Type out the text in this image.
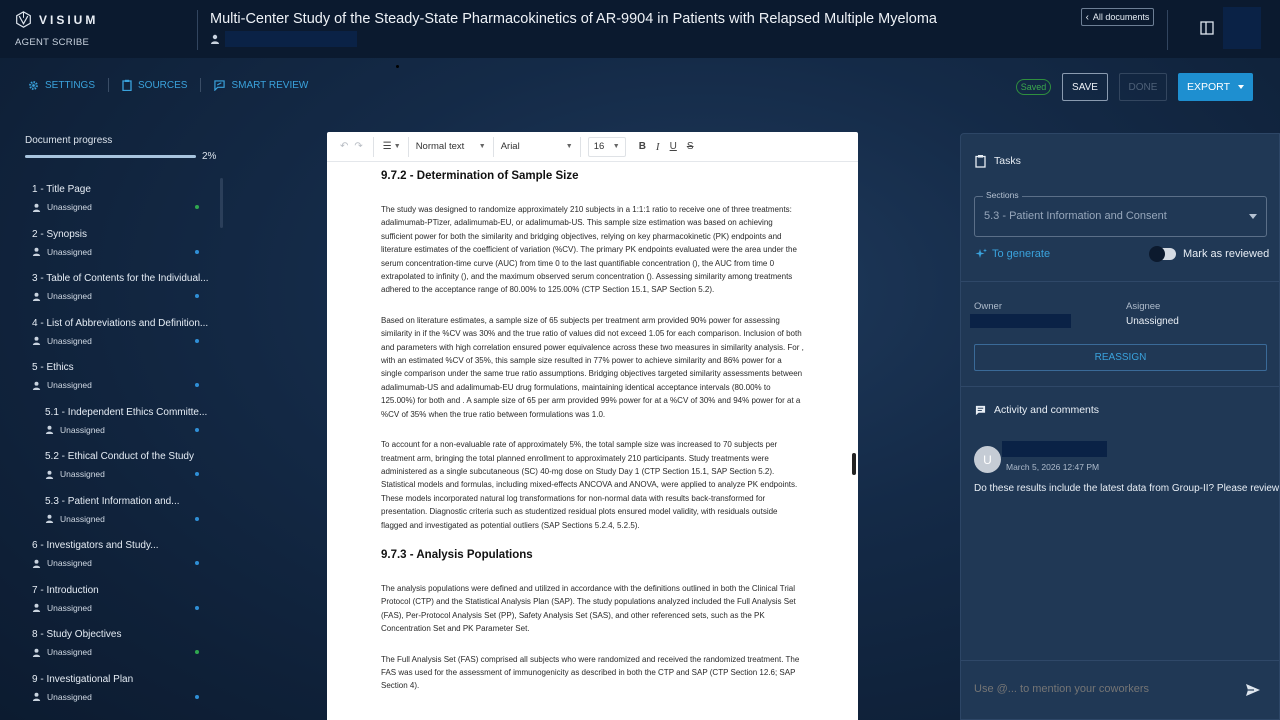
VISIUM
AGENT SCRIBE
Multi-Center Study of the Steady-State Pharmacokinetics of AR-9904 in Patients with Relapsed Multiple Myeloma	‹ All documents
SETTINGS	SOURCES	SMART REVIEW	Saved	SAVE	DONE	EXPORT
Document progress
2%
1 - Title Page
Unassigned
2 - Synopsis
Unassigned
3 - Table of Contents for the Individual...
Unassigned
4 - List of Abbreviations and Definition...
Unassigned
5 - Ethics
Unassigned
5.1 - Independent Ethics Committe...
Unassigned
5.2 - Ethical Conduct of the Study
Unassigned
5.3 - Patient Information and...
Unassigned
6 - Investigators and Study...
Unassigned
7 - Introduction
Unassigned
8 - Study Objectives
Unassigned
9 - Investigational Plan
Unassigned
↶ ↷ ☰ ▼ Normal text ▼ Arial	▼ 16 ▼ B I U S
9.7.2 - Determination of Sample Size

The study was designed to randomize approximately 210 subjects in a 1:1:1 ratio to receive one of three treatments: adalimumab-PTizer, adalimumab-EU, or adalimumab-US. This sample size estimation was based on achieving sufficient power for both the similarity and bridging objectives, relying on key pharmacokinetic (PK) endpoints and literature estimates of the coefficient of variation (%CV). The primary PK endpoints evaluated were the area under the serum concentration-time curve (AUC) from time 0 to the last quantifiable concentration (), the AUC from time 0 extrapolated to infinity (), and the maximum observed serum concentration (). Assessing similarity among treatments adhered to the acceptance range of 80.00% to 125.00% (CTP Section 15.1, SAP Section 5.2).

Based on literature estimates, a sample size of 65 subjects per treatment arm provided 90% power for assessing similarity in if the %CV was 30% and the true ratio of values did not exceed 1.05 for each comparison. Inclusion of both and parameters with high correlation ensured power equivalence across these two measures in similarity analysis. For , with an estimated %CV of 35%, this sample size resulted in 77% power to achieve similarity and 86% power for a single comparison under the same true ratio assumptions. Bridging objectives targeted similarity assessments between adalimumab-US and adalimumab-EU drug formulations, maintaining identical acceptance intervals (80.00% to 125.00%) for both and . A sample size of 65 per arm provided 99% power for at a %CV of 30% and 94% power for at a %CV of 35% when the true ratio between formulations was 1.0.

To account for a non-evaluable rate of approximately 5%, the total sample size was increased to 70 subjects per treatment arm, bringing the total planned enrollment to approximately 210 participants. Study treatments were administered as a single subcutaneous (SC) 40-mg dose on Study Day 1 (CTP Section 15.1, SAP Section 5.2). Statistical models and formulas, including mixed-effects ANCOVA and ANOVA, were applied to analyze PK endpoints. These models incorporated natural log transformations for non-normal data with results back-transformed for presentation. Diagnostic criteria such as studentized residual plots ensured model validity, with residuals outside flagged and investigated as potential outliers (SAP Sections 5.2.4, 5.2.5).

9.7.3 - Analysis Populations

The analysis populations were defined and utilized in accordance with the definitions outlined in both the Clinical Trial Protocol (CTP) and the Statistical Analysis Plan (SAP). The study populations analyzed included the Full Analysis Set (FAS), Per-Protocol Analysis Set (PP), Safety Analysis Set (SAS), and other referenced sets, such as the PK Concentration Set and PK Parameter Set.

The Full Analysis Set (FAS) comprised all subjects who were randomized and received the randomized treatment. The FAS was used for the assessment of immunogenicity as described in both the CTP and SAP (CTP Section 12.6; SAP Section 4).

Tasks
Sections
5.3 - Patient Information and Consent
To generate	Mark as reviewed
Owner	Asignee
Unassigned
REASSIGN
Activity and comments
U
March 5, 2026 12:47 PM
Do these results include the latest data from Group-II? Please review
Use @... to mention your coworkers
